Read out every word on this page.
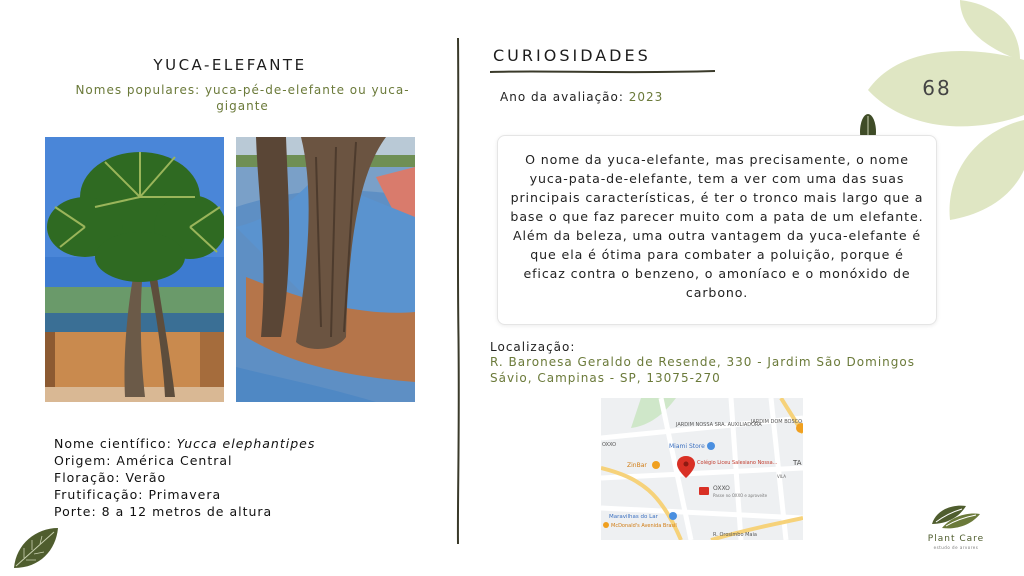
YUCA-ELEFANTE
Nomes populares: yuca-pé-de-elefante ou yuca-gigante
Nome científico: Yucca elephantipes
Origem: América Central
Floração: Verão
Frutificação: Primavera
Porte: 8 a 12 metros de altura
CURIOSIDADES
Ano da avaliação: 2023

O nome da yuca-elefante, mas precisamente, o nome yuca-pata-de-elefante, tem a ver com uma das suas principais características, é ter o tronco mais largo que a base o que faz parecer muito com a pata de um elefante. Além da beleza, uma outra vantagem da yuca-elefante é que ela é ótima para combater a poluição, porque é eficaz contra o benzeno, o amoníaco e o monóxido de carbono.

Localização:
R. Baronesa Geraldo de Resende, 330 - Jardim São Domingos Sávio, Campinas - SP, 13075-270
JARDIM NOSSA SRA. AUXILIADORA
JARDIM DOM BOSCO
Miami Store
OXXO
ZinBar	Colégio Liceu Salesiano Nossa...
OXXO
Passe no OXXO e aproveite
Maravilhas do Lar
McDonald's Avenida Brasil
R. Orosimbo Maia
TA
VILA
68
Plant Care
estudo de arvores
